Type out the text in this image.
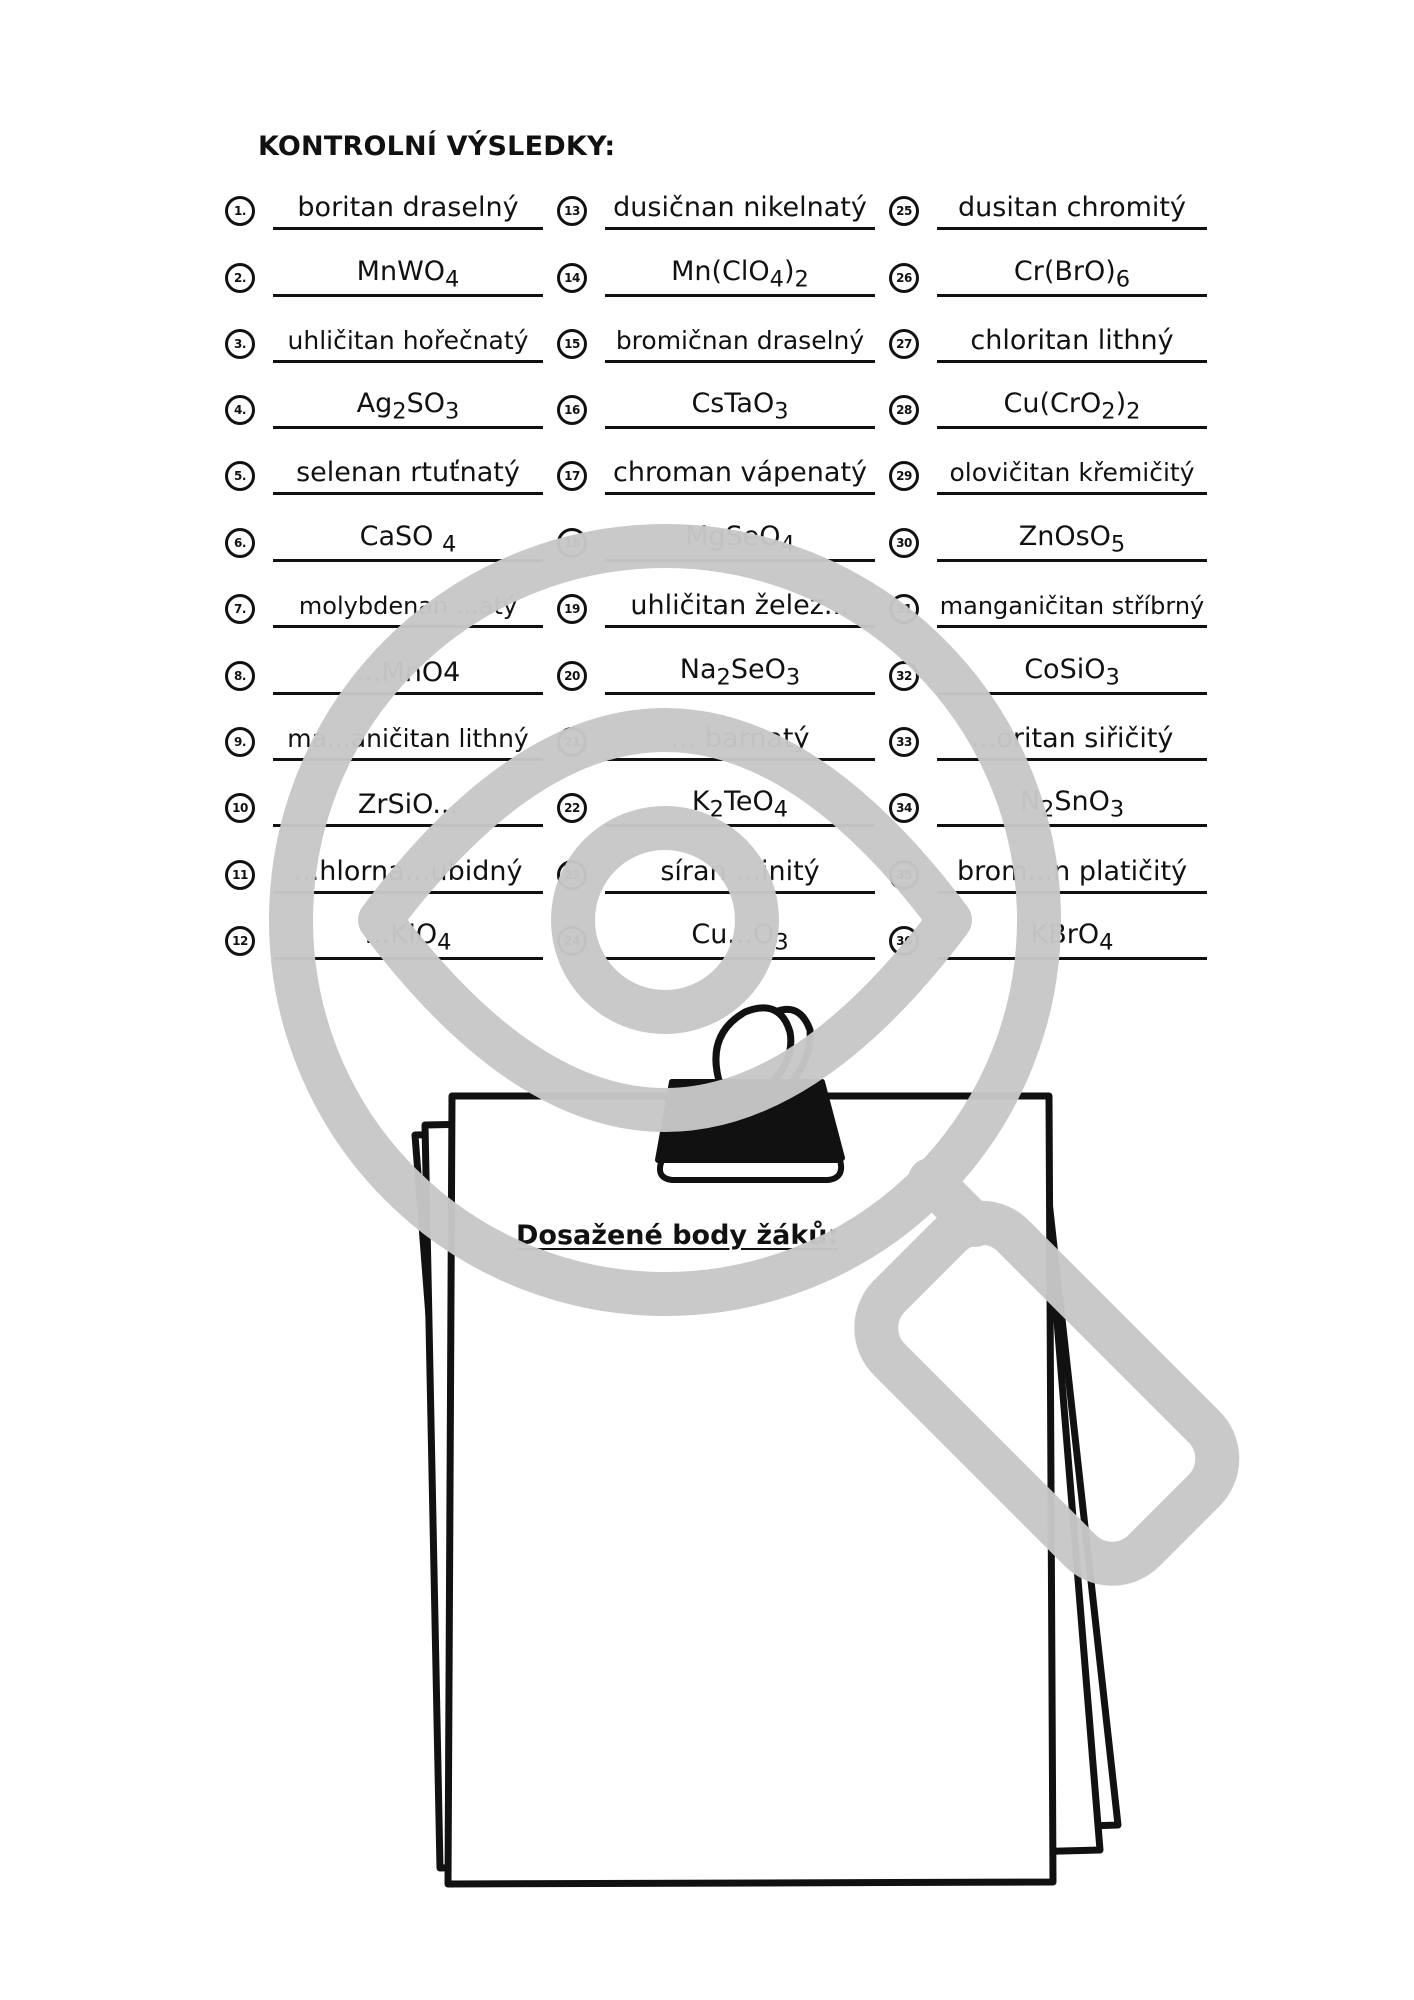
KONTROLNÍ VÝSLEDKY:
1.	boritan draselný
2.	MnWO$_4$
3.	uhličitan hořečnatý
4.	$Ag_2SO_3$
5.	selenan rtuťnatý
6.	CaSO $_4$
7.	molybdenan ...atý
8.	...MnO4
9.	ma...aničitan lithný
10	ZrSiO...
11	...hlorna...ubidný
12	$...KIO_4$
13	dusičnan nikelnatý
14	$Mn(ClO_4)_2$
15	bromičnan draselný
16	CsTaO$_3$
17 chroman vápenatý
18	MgSeO$_4$
19	uhličitan želez...
20	$Na_2SeO_3$
21	... barnatý
22	$K_2TeO_4$
23	síran ...initý
24	$Cu...O_3$
25	dusitan chromitý
26	$Cr(BrO)_6$
27	chloritan lithný
28	$Cu(CrO_2)_2$
29	olovičitan křemičitý
30	ZnOsO$_5$
31 manganičitan stříbrný
32	CoSiO$_3$
33	...oritan siřičitý
34	$N_2SnO_3$
35	brom...n platičitý
36	KBrO$_4$
Dosažené body žáků:
